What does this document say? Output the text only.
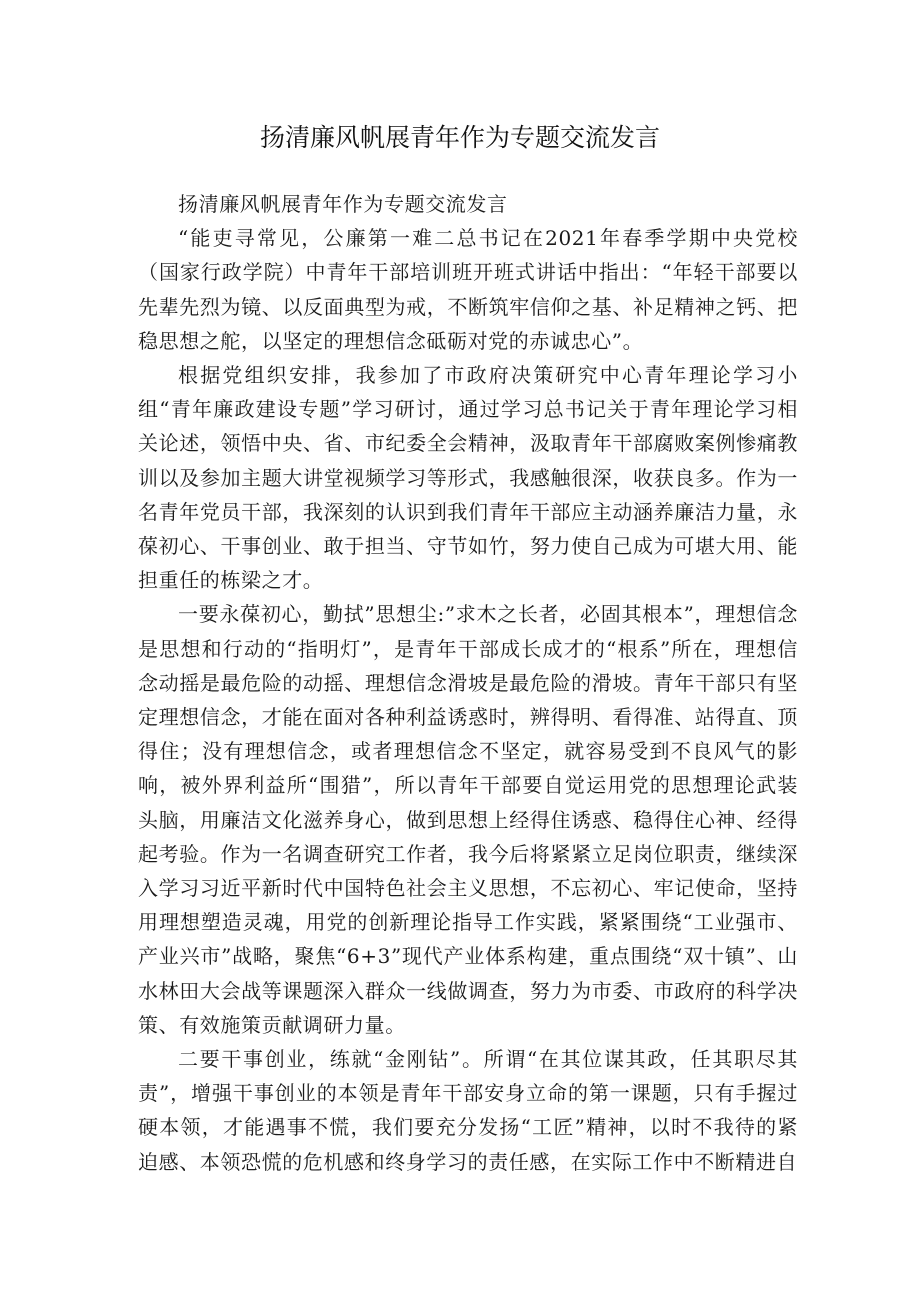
扬清廉风帆展青年作为专题交流发言

扬清廉风帆展青年作为专题交流发言

“能吏寻常见，公廉第一难二总书记在2021年春季学期中央党校（国家行政学院）中青年干部培训班开班式讲话中指出：“年轻干部要以先辈先烈为镜、以反面典型为戒，不断筑牢信仰之基、补足精神之钙、把稳思想之舵，以坚定的理想信念砥砺对党的赤诚忠心”。

根据党组织安排，我参加了市政府决策研究中心青年理论学习小组“青年廉政建设专题”学习研讨，通过学习总书记关于青年理论学习相关论述，领悟中央、省、市纪委全会精神，汲取青年干部腐败案例惨痛教训以及参加主题大讲堂视频学习等形式，我感触很深，收获良多。作为一名青年党员干部，我深刻的认识到我们青年干部应主动涵养廉洁力量，永葆初心、干事创业、敢于担当、守节如竹，努力使自己成为可堪大用、能担重任的栋梁之才。

一要永葆初心，勤拭”思想尘:”求木之长者，必固其根本”，理想信念是思想和行动的“指明灯”，是青年干部成长成才的“根系”所在，理想信念动摇是最危险的动摇、理想信念滑坡是最危险的滑坡。青年干部只有坚定理想信念，才能在面对各种利益诱惑时，辨得明、看得准、站得直、顶得住；没有理想信念，或者理想信念不坚定，就容易受到不良风气的影响，被外界利益所“围猎”，所以青年干部要自觉运用党的思想理论武装头脑，用廉洁文化滋养身心，做到思想上经得住诱惑、稳得住心神、经得起考验。作为一名调查研究工作者，我今后将紧紧立足岗位职责，继续深入学习习近平新时代中国特色社会主义思想，不忘初心、牢记使命，坚持用理想塑造灵魂，用党的创新理论指导工作实践，紧紧围绕“工业强市、产业兴市”战略，聚焦“6+3”现代产业体系构建，重点围绕“双十镇”、山水林田大会战等课题深入群众一线做调查，努力为市委、市政府的科学决策、有效施策贡献调研力量。

二要干事创业，练就“金刚钻”。所谓“在其位谋其政，任其职尽其责”，增强干事创业的本领是青年干部安身立命的第一课题，只有手握过硬本领，才能遇事不慌，我们要充分发扬“工匠”精神，以时不我待的紧迫感、本领恐慌的危机感和终身学习的责任感，在实际工作中不断精进自
